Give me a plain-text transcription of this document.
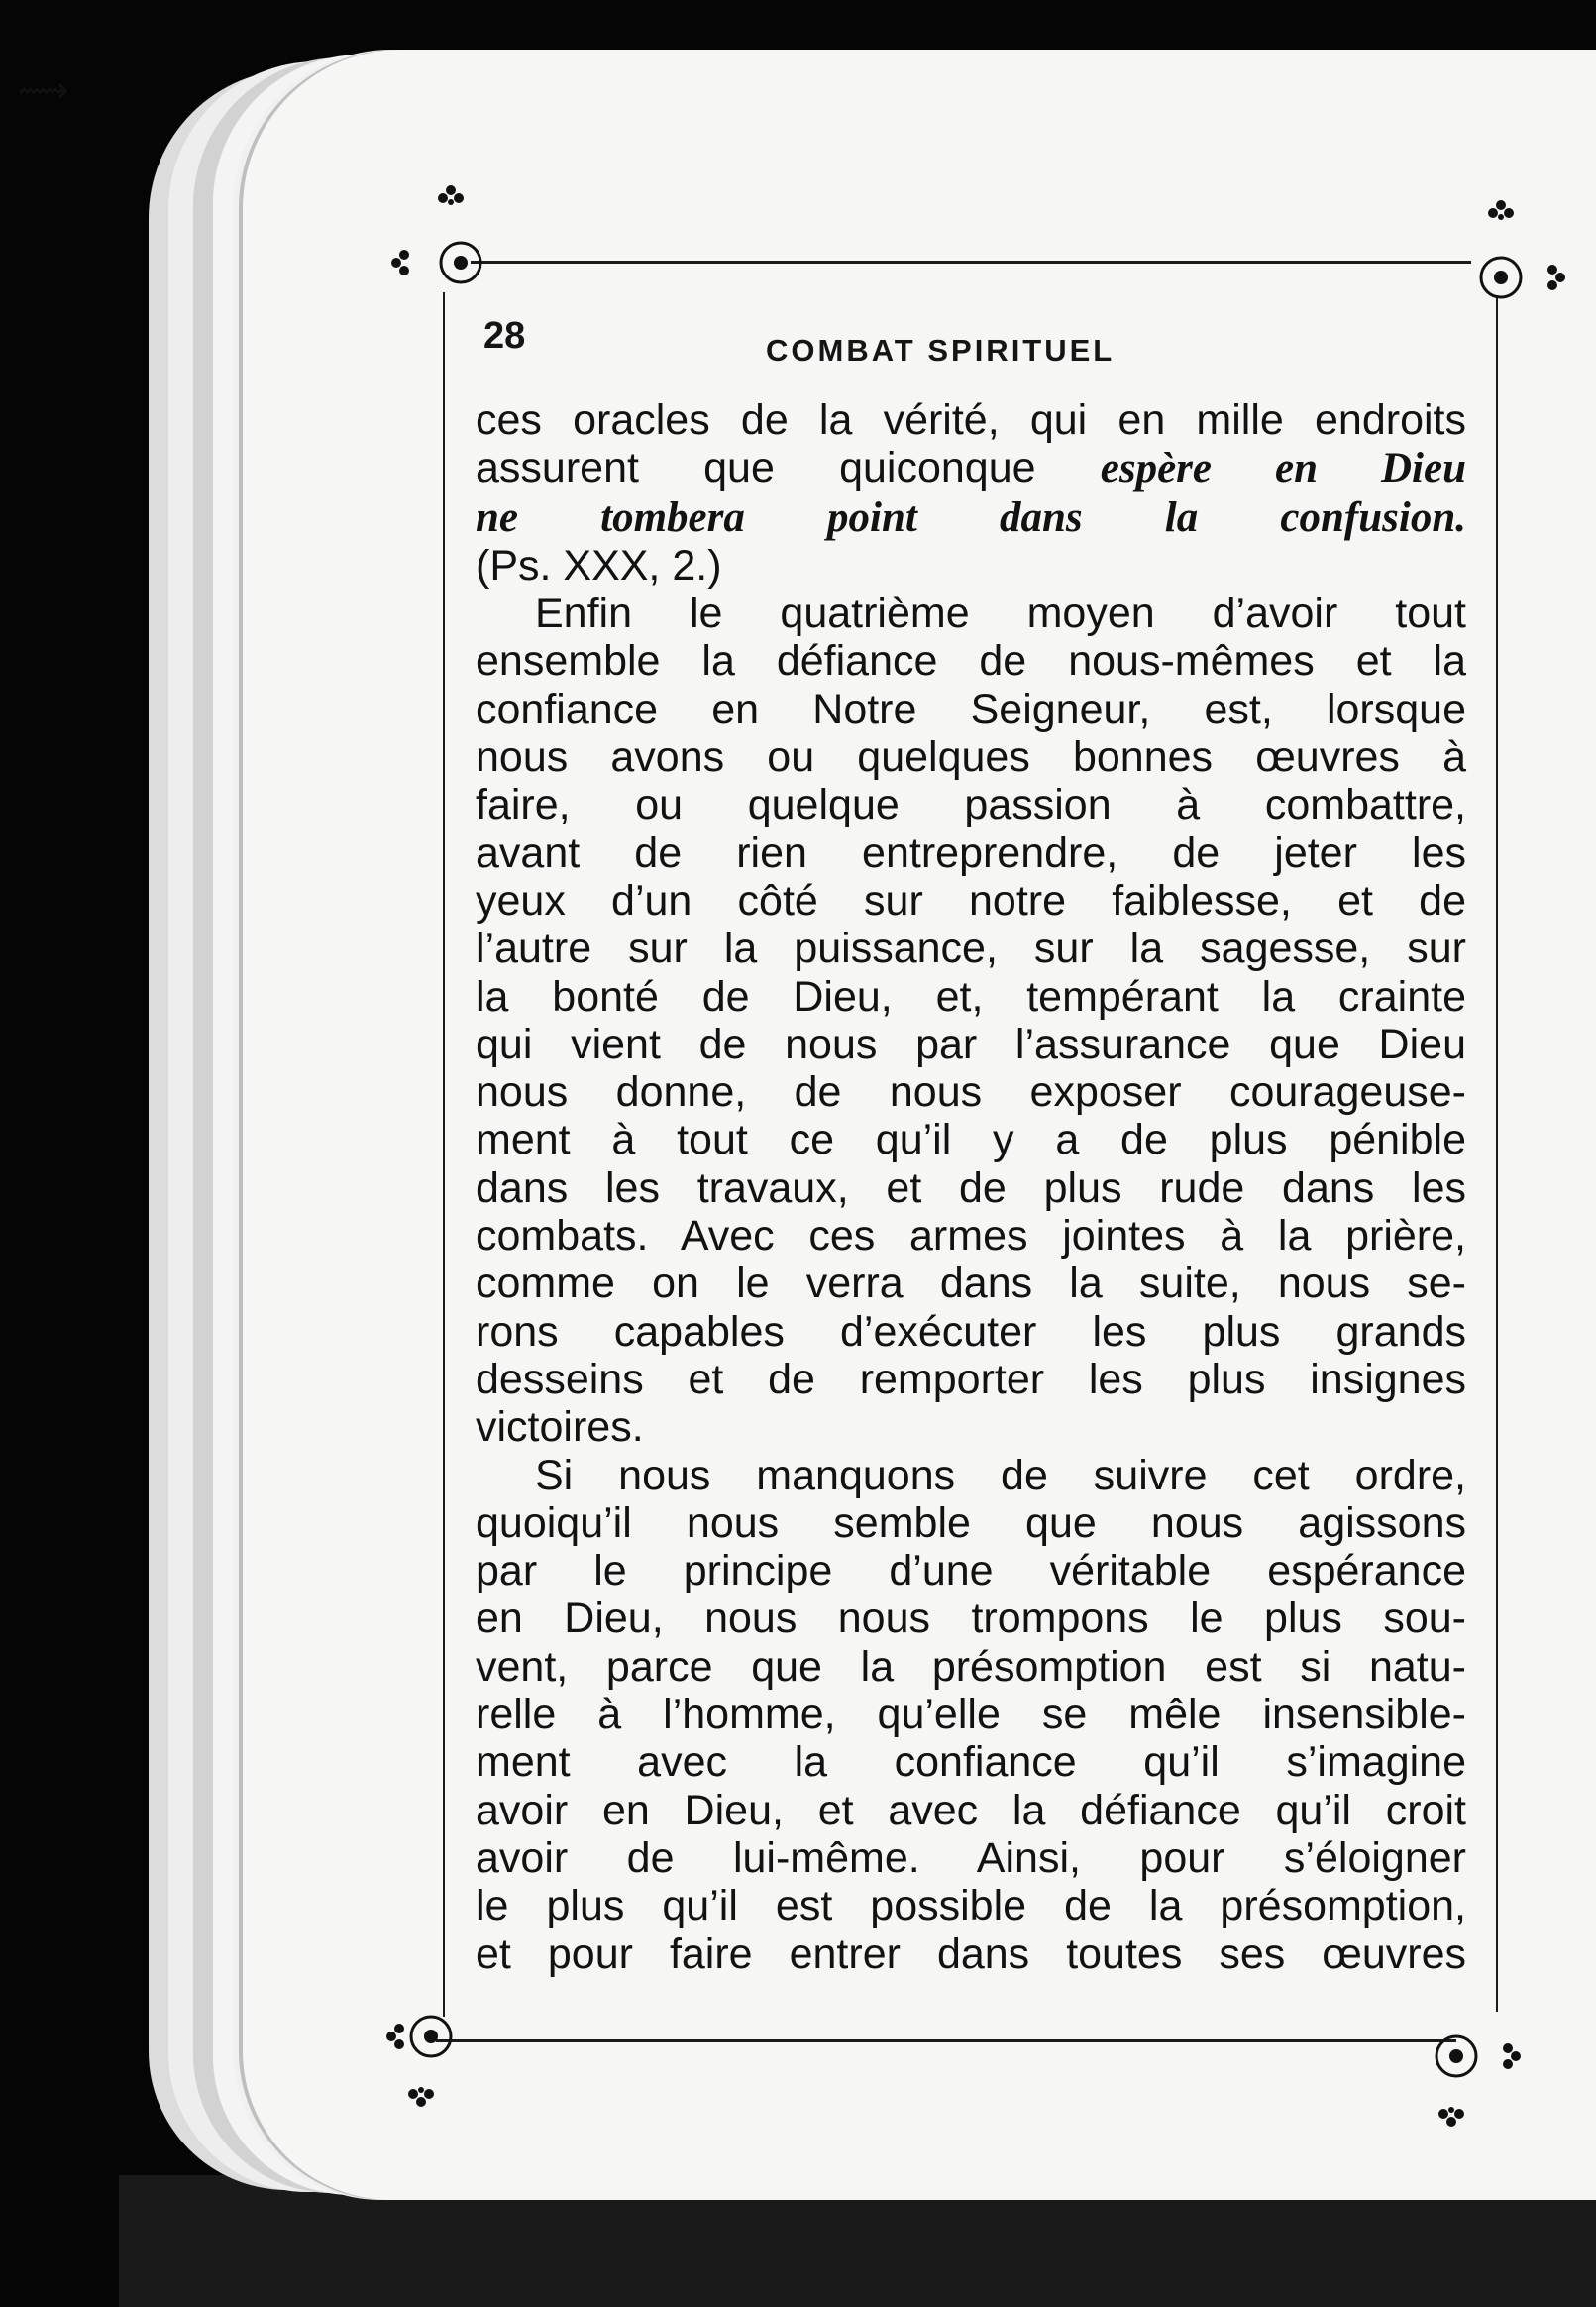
⟿
28	COMBAT SPIRITUEL
ces oracles de la vérité, qui en mille endroits
assurent que quiconque espère en Dieu
ne tombera point dans la confusion.
(Ps. XXX, 2.)
Enfin le quatrième moyen d’avoir tout
ensemble la défiance de nous-mêmes et la
confiance en Notre Seigneur, est, lorsque
nous avons ou quelques bonnes œuvres à
faire, ou quelque passion à combattre,
avant de rien entreprendre, de jeter les
yeux d’un côté sur notre faiblesse, et de
l’autre sur la puissance, sur la sagesse, sur
la bonté de Dieu, et, tempérant la crainte
qui vient de nous par l’assurance que Dieu
nous donne, de nous exposer courageuse-
ment à tout ce qu’il y a de plus pénible
dans les travaux, et de plus rude dans les
combats. Avec ces armes jointes à la prière,
comme on le verra dans la suite, nous se-
rons capables d’exécuter les plus grands
desseins et de remporter les plus insignes
victoires.
Si nous manquons de suivre cet ordre,
quoiqu’il nous semble que nous agissons
par le principe d’une véritable espérance
en Dieu, nous nous trompons le plus sou-
vent, parce que la présomption est si natu-
relle à l’homme, qu’elle se mêle insensible-
ment avec la confiance qu’il s’imagine
avoir en Dieu, et avec la défiance qu’il croit
avoir de lui-même. Ainsi, pour s’éloigner
le plus qu’il est possible de la présomption,
et pour faire entrer dans toutes ses œuvres
